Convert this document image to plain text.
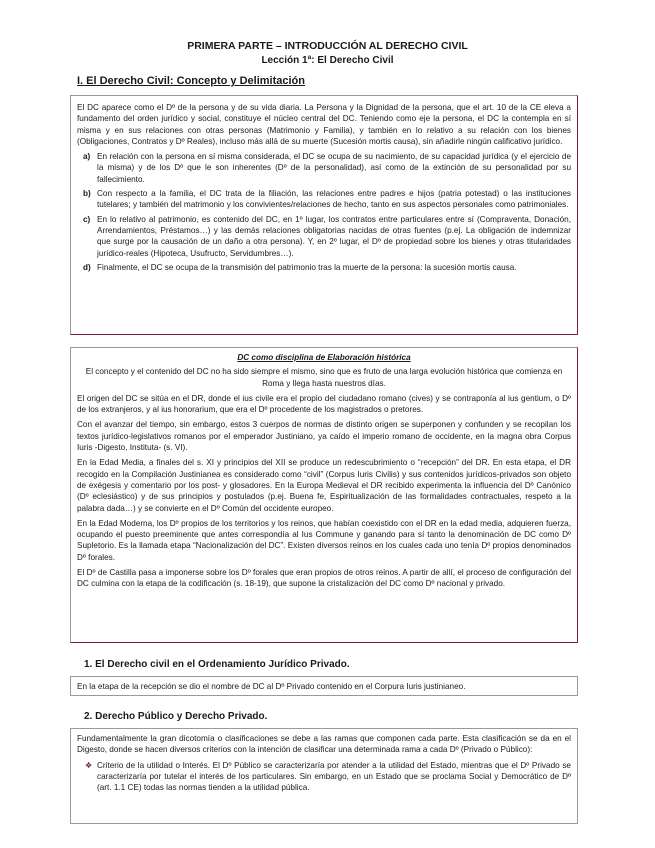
PRIMERA PARTE – INTRODUCCIÓN AL DERECHO CIVIL
Lección 1ª: El Derecho Civil
I. El Derecho Civil: Concepto y Delimitación

El DC aparece como el Dº de la persona y de su vida diaria. La Persona y la Dignidad de la persona, que el art. 10 de la CE eleva a fundamento del orden jurídico y social, constituye el núcleo central del DC. Teniendo como eje la persona, el DC la contempla en sí misma y en sus relaciones con otras personas (Matrimonio y Familia), y también en lo relativo a su relación con los bienes (Obligaciones, Contratos y Dº Reales), incluso más allá de su muerte (Sucesión mortis causa), sin añadirle ningún calificativo jurídico.

a) En relación con la persona en sí misma considerada, el DC se ocupa de su nacimiento, de su capacidad jurídica (y el ejercicio de la misma) y de los Dº que le son inherentes (Dº de la personalidad), así como de la extinción de su personalidad por su fallecimiento.
b) Con respecto a la familia, el DC trata de la filiación, las relaciones entre padres e hijos (patria potestad) o las instituciones tutelares; y también del matrimonio y los convivientes/relaciones de hecho, tanto en sus aspectos personales como patrimoniales.
c) En lo relativo al patrimonio, es contenido del DC, en 1º lugar, los contratos entre particulares entre sí (Compraventa, Donación, Arrendamientos, Préstamos…) y las demás relaciones obligatorias nacidas de otras fuentes (p.ej. La obligación de indemnizar que surge por la causación de un daño a otra persona). Y, en 2º lugar, el Dº de propiedad sobre los bienes y otras titularidades jurídico-reales (Hipoteca, Usufructo, Servidumbres…).
d) Finalmente, el DC se ocupa de la transmisión del patrimonio tras la muerte de la persona: la sucesión mortis causa.
DC como disciplina de Elaboración histórica

El concepto y el contenido del DC no ha sido siempre el mismo, sino que es fruto de una larga evolución histórica que comienza en Roma y llega hasta nuestros días.

El origen del DC se sitúa en el DR, donde el ius civile era el propio del ciudadano romano (cives) y se contraponía al ius gentium, o Dº de los extranjeros, y al ius honorarium, que era el Dº procedente de los magistrados o pretores.

Con el avanzar del tiempo, sin embargo, estos 3 cuerpos de normas de distinto origen se superponen y confunden y se recopilan los textos jurídico-legislativos romanos por el emperador Justiniano, ya caído el imperio romano de occidente, en la magna obra Corpus Iuris -Digesto, Instituta- (s. VI).

En la Edad Media, a finales del s. XI y principios del XII se produce un redescubrimiento o “recepción” del DR. En esta etapa, el DR recogido en la Compilación Justinianea es considerado como “civil” (Corpus Iuris Civilis) y sus contenidos jurídicos-privados son objeto de exégesis y comentario por los post- y glosadores. En la Europa Medieval el DR recibido experimenta la influencia del Dº Canónico (Dº eclesiástico) y de sus principios y postulados (p.ej. Buena fe, Espiritualización de las formalidades contractuales, respeto a la palabra dada…) y se convierte en el Dº Común del occidente europeo.

En la Edad Moderna, los Dº propios de los territorios y los reinos, que habían coexistido con el DR en la edad media, adquieren fuerza, ocupando el puesto preeminente que antes correspondía al Ius Commune y ganando para sí tanto la denominación de DC como Dº Supletorio. Es la llamada etapa “Nacionalización del DC”. Existen diversos reinos en los cuales cada uno tenía Dº propios denominados Dº forales.

El Dº de Castilla pasa a imponerse sobre los Dº forales que eran propios de otros reinos. A partir de allí, el proceso de configuración del DC culmina con la etapa de la codificación (s. 18-19), que supone la cristalización del DC como Dº nacional y privado.

1. El Derecho civil en el Ordenamiento Jurídico Privado.

En la etapa de la recepción se dio el nombre de DC al Dº Privado contenido en el Corpura Iuris justinianeo.

2. Derecho Público y Derecho Privado.

Fundamentalmente la gran dicotomía o clasificaciones se debe a las ramas que componen cada parte. Esta clasificación se da en el Digesto, donde se hacen diversos criterios con la intención de clasificar una determinada rama a cada Dº (Privado o Público):

❖ Criterio de la utilidad o Interés. El Dº Público se caracterizaría por atender a la utilidad del Estado, mientras que el Dº Privado se caracterizaría por tutelar el interés de los particulares. Sin embargo, en un Estado que se proclama Social y Democrático de Dº (art. 1.1 CE) todas las normas tienden a la utilidad pública.
